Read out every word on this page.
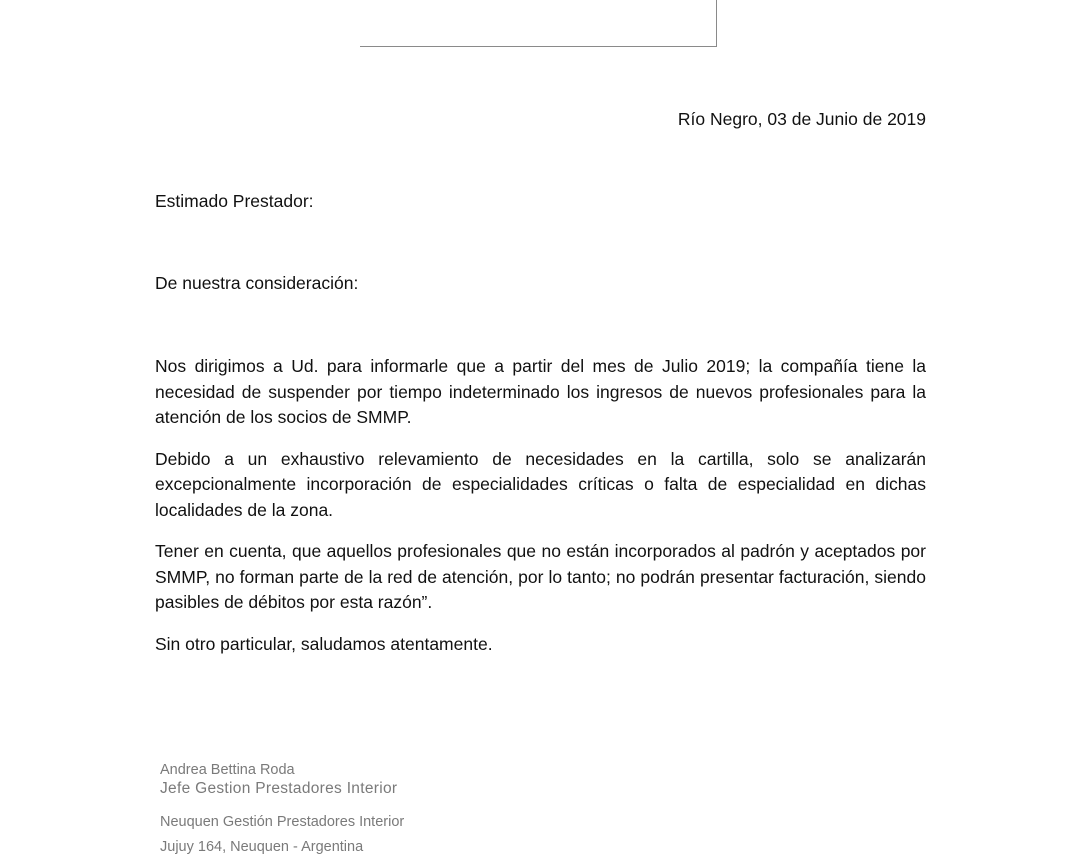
Río Negro, 03 de Junio de 2019
Estimado Prestador:
De nuestra consideración:

Nos dirigimos a Ud. para informarle que a partir del mes de Julio 2019; la compañía tiene la necesidad de suspender por tiempo indeterminado los ingresos de nuevos profesionales para la atención de los socios de SMMP.

Debido a un exhaustivo relevamiento de necesidades en la cartilla, solo se analizarán excepcionalmente incorporación de especialidades críticas o falta de especialidad en dichas localidades de la zona.

Tener en cuenta, que aquellos profesionales que no están incorporados al padrón y aceptados por SMMP, no forman parte de la red de atención, por lo tanto; no podrán presentar facturación, siendo pasibles de débitos por esta razón”.

Sin otro particular, saludamos atentamente.

Andrea Bettina Roda
Jefe Gestion Prestadores Interior
Neuquen Gestión Prestadores Interior
Jujuy 164, Neuquen - Argentina
